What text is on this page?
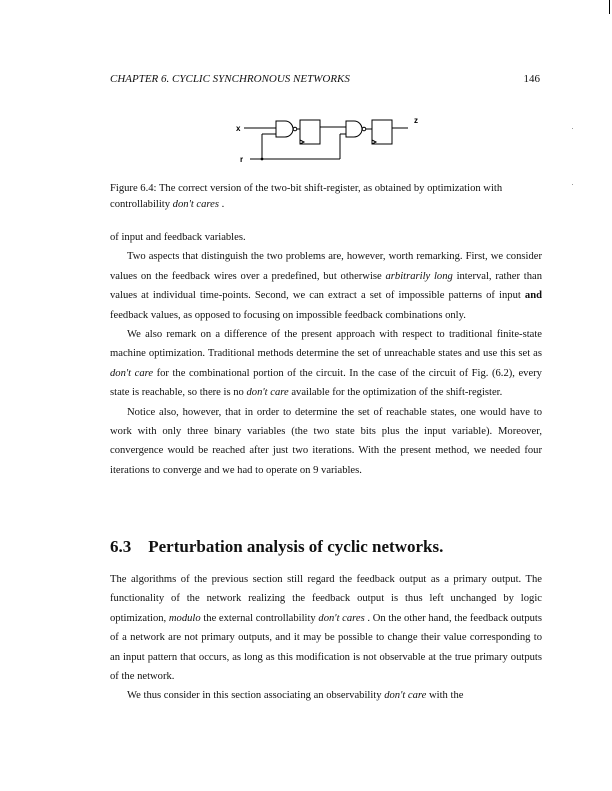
CHAPTER 6. CYCLIC SYNCHRONOUS NETWORKS	146
x
r
z
Figure 6.4: The correct version of the two-bit shift-register, as obtained by optimization with controllability don't cares .

of input and feedback variables.

Two aspects that distinguish the two problems are, however, worth remarking. First, we consider values on the feedback wires over a predefined, but otherwise arbitrarily long interval, rather than values at individual time-points. Second, we can extract a set of impossible patterns of input and feedback values, as opposed to focusing on impossible feedback combinations only.

We also remark on a difference of the present approach with respect to traditional finite-state machine optimization. Traditional methods determine the set of unreachable states and use this set as don't care for the combinational portion of the circuit. In the case of the circuit of Fig. (6.2), every state is reachable, so there is no don't care available for the optimization of the shift-register.

Notice also, however, that in order to determine the set of reachable states, one would have to work with only three binary variables (the two state bits plus the input variable). Moreover, convergence would be reached after just two iterations. With the present method, we needed four iterations to converge and we had to operate on 9 variables.

6.3 Perturbation analysis of cyclic networks.

The algorithms of the previous section still regard the feedback output as a primary output. The functionality of the network realizing the feedback output is thus left unchanged by logic optimization, modulo the external controllability don't cares . On the other hand, the feedback outputs of a network are not primary outputs, and it may be possible to change their value corresponding to an input pattern that occurs, as long as this modification is not observable at the true primary outputs of the network.

We thus consider in this section associating an observability don't care with the
